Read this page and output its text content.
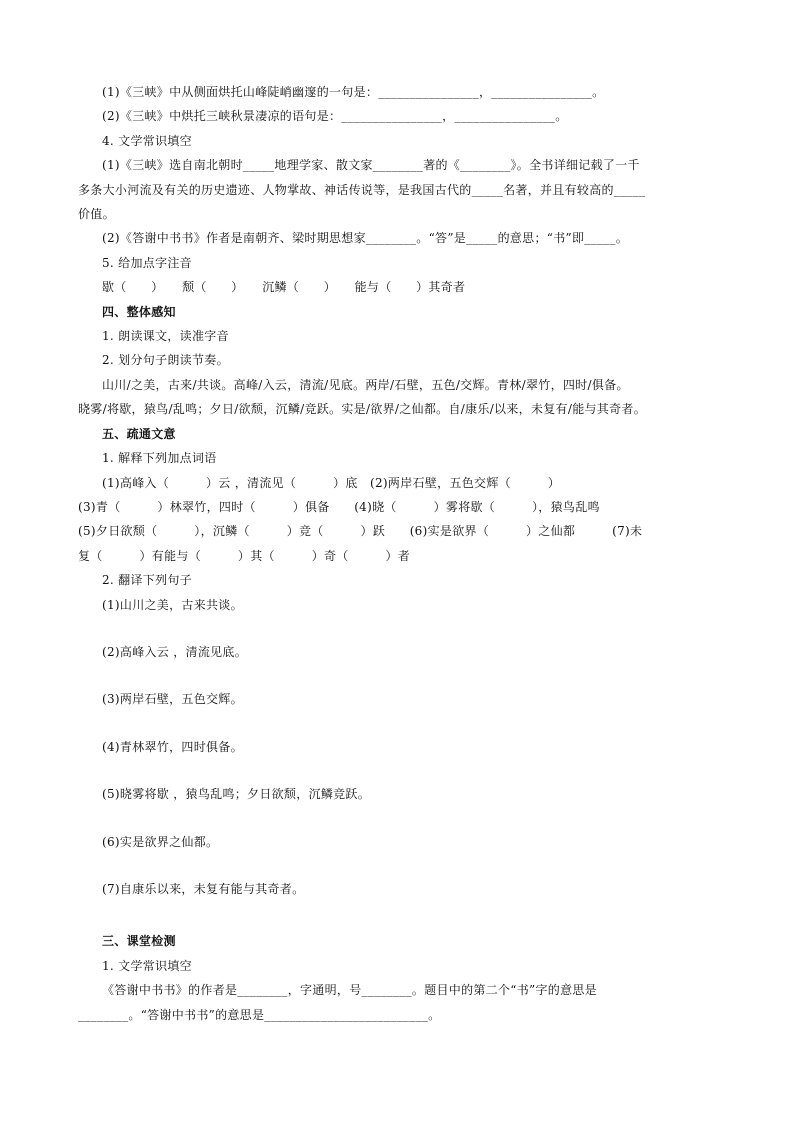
(1)《三峡》中从侧面烘托山峰陡峭幽邃的一句是：________________，________________。
(2)《三峡》中烘托三峡秋景凄凉的语句是：________________，________________。
4. 文学常识填空
(1)《三峡》选自南北朝时_____地理学家、散文家________著的《________》。全书详细记载了一千
多条大小河流及有关的历史遗迹、人物掌故、神话传说等，是我国古代的_____名著，并且有较高的_____
价值。
(2)《答谢中书书》作者是南朝齐、梁时期思想家________。“答”是_____的意思；“书”即_____。
5. 给加点字注音
歇（　　）　　颓（　　）　　沉鳞（　　）　　能与（　　）其奇者
四、整体感知
1. 朗读课文，读准字音
2. 划分句子朗读节奏。
山川/之美，古来/共谈。高峰/入云，清流/见底。两岸/石壁，五色/交辉。青林/翠竹，四时/俱备。
晓雾/将歇，猿鸟/乱鸣；夕日/欲颓，沉鳞/竞跃。实是/欲界/之仙都。自/康乐/以来，未复有/能与其奇者。
五、疏通文意
1. 解释下列加点词语
(1)高峰入（　　　）云 ，清流见（　　　）底　(2)两岸石壁，五色交辉（　　　）
(3)青（　　　）林翠竹，四时（　　　）俱备　　(4)晓（　　　）雾将歇（　　　），猿鸟乱鸣
(5)夕日欲颓（　　　），沉鳞（　　　）竞（　　　）跃　　(6)实是欲界（　　　）之仙都　　　(7)未
复（　　　）有能与（　　　）其（　　　）奇（　　　）者
2. 翻译下列句子
(1)山川之美，古来共谈。
(2)高峰入云 ，清流见底。
(3)两岸石壁，五色交辉。
(4)青林翠竹，四时俱备。
(5)晓雾将歇 ，猿鸟乱鸣；夕日欲颓，沉鳞竞跃。
(6)实是欲界之仙都。
(7)自康乐以来，未复有能与其奇者。
三、课堂检测
1. 文学常识填空
《答谢中书书》的作者是________，字通明，号________。题目中的第二个“书”字的意思是
________。“答谢中书书”的意思是__________________________。
